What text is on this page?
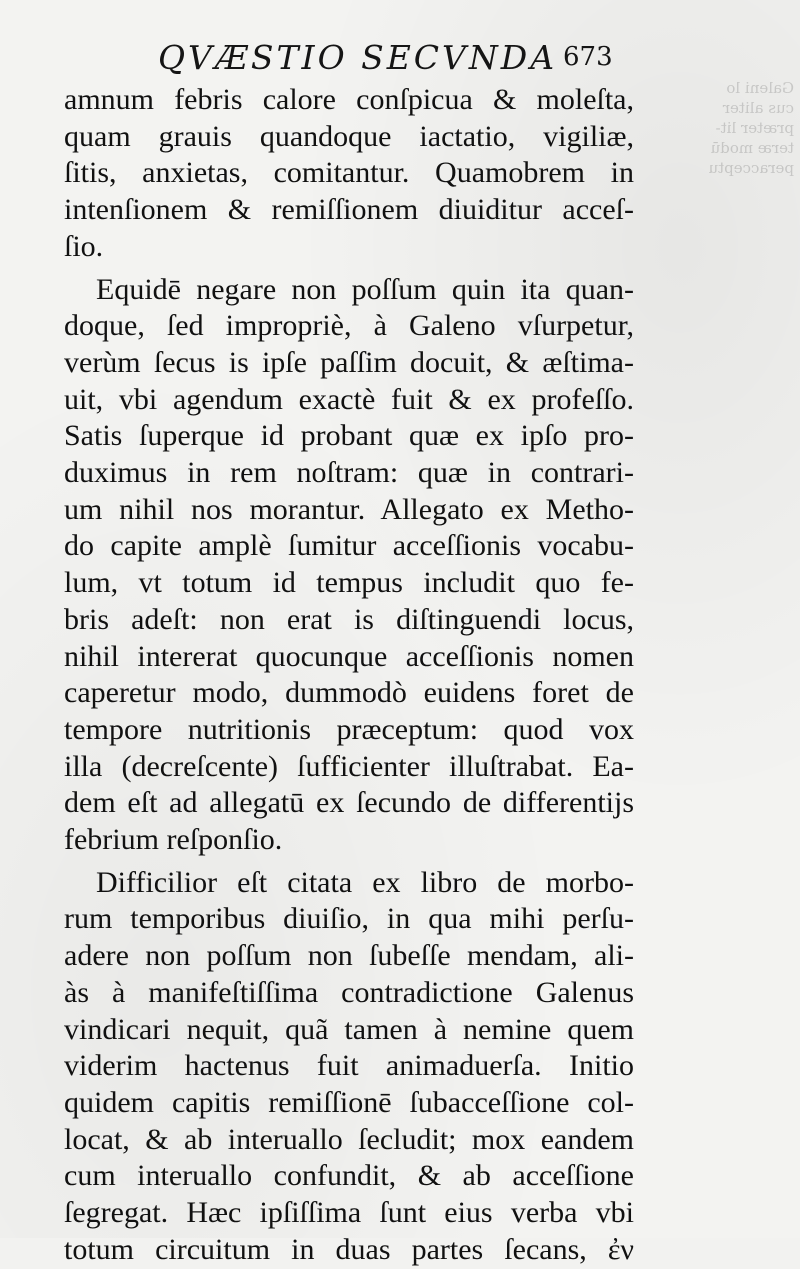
Galeni lo
cus aliter
præter lit-
teræ modū
peracceptu
QVÆSTIO SECVNDA 673
amnum febris calore conſpicua & moleſta,
quam grauis quandoque iactatio, vigiliæ,
ſitis, anxietas, comitantur. Quamobrem in
intenſionem & remiſſionem diuiditur acceſ-
ſio.
Equidē negare non poſſum quin ita quan-
doque, ſed impropriè, à Galeno vſurpetur,
verùm ſecus is ipſe paſſim docuit, & æſtima-
uit, vbi agendum exactè fuit & ex profeſſo.
Satis ſuperque id probant quæ ex ipſo pro-
duximus in rem noſtram: quæ in contrari-
um nihil nos morantur. Allegato ex Metho-
do capite amplè ſumitur acceſſionis vocabu-
lum, vt totum id tempus includit quo fe-
bris adeſt: non erat is diſtinguendi locus,
nihil intererat quocunque acceſſionis nomen
caperetur modo, dummodò euidens foret de
tempore nutritionis præceptum: quod vox
illa (decreſcente) ſufficienter illuſtrabat. Ea-
dem eſt ad allegatū ex ſecundo de differentijs
febrium reſponſio.
Difficilior eſt citata ex libro de morbo-
rum temporibus diuiſio, in qua mihi perſu-
adere non poſſum non ſubeſſe mendam, ali-
às à manifeſtiſſima contradictione Galenus
vindicari nequit, quã tamen à nemine quem
viderim hactenus fuit animaduerſa. Initio
quidem capitis remiſſionē ſubacceſſione col-
locat, & ab interuallo ſecludit; mox eandem
cum interuallo confundit, & ab acceſſione
ſegregat. Hæc ipſiſſima ſunt eius verba vbi
totum circuitum in duas partes ſecans, ἐν
